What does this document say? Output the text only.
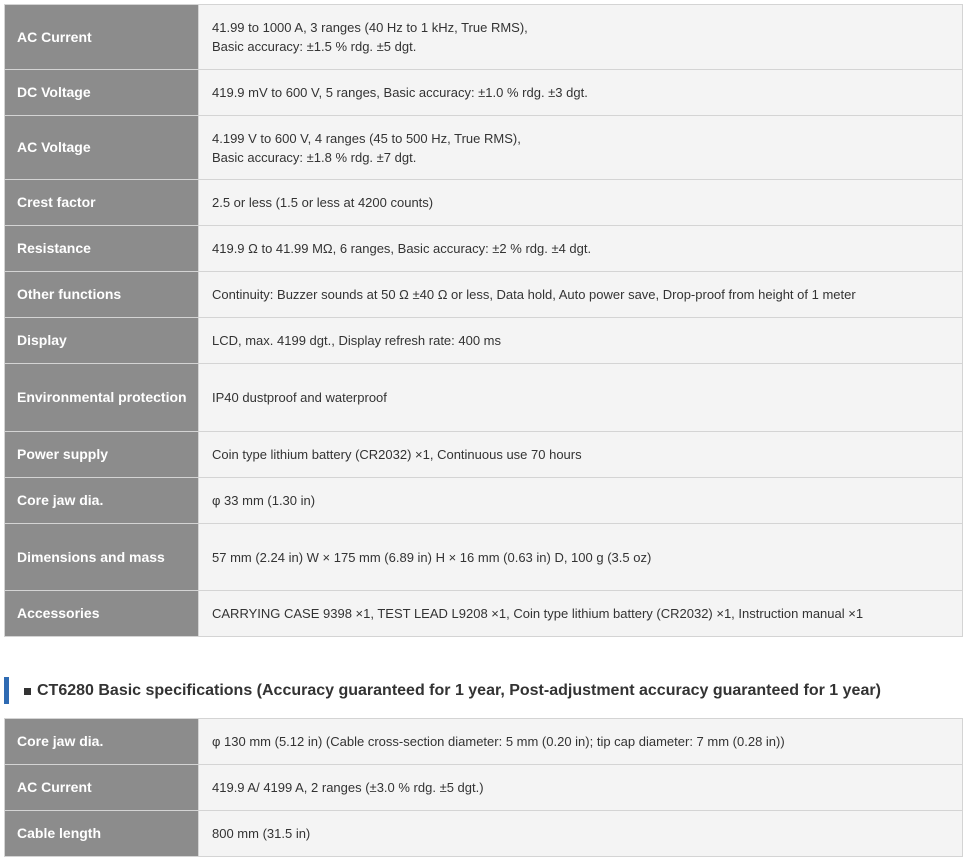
AC Current	41.99 to 1000 A, 3 ranges (40 Hz to 1 kHz, True RMS),
Basic accuracy: ±1.5 % rdg. ±5 dgt.

DC Voltage	419.9 mV to 600 V, 5 ranges, Basic accuracy: ±1.0 % rdg. ±3 dgt.

AC Voltage	4.199 V to 600 V, 4 ranges (45 to 500 Hz, True RMS),
Basic accuracy: ±1.8 % rdg. ±7 dgt.

Crest factor	2.5 or less (1.5 or less at 4200 counts)

Resistance	419.9 Ω to 41.99 MΩ, 6 ranges, Basic accuracy: ±2 % rdg. ±4 dgt.

Other functions	Continuity: Buzzer sounds at 50 Ω ±40 Ω or less, Data hold, Auto power save, Drop-proof from height of 1 meter

Display	LCD, max. 4199 dgt., Display refresh rate: 400 ms

Environmental protection	IP40 dustproof and waterproof

Power supply	Coin type lithium battery (CR2032) ×1, Continuous use 70 hours

Core jaw dia.	φ 33 mm (1.30 in)

Dimensions and mass	57 mm (2.24 in) W × 175 mm (6.89 in) H × 16 mm (0.63 in) D, 100 g (3.5 oz)

Accessories	CARRYING CASE 9398 ×1, TEST LEAD L9208 ×1, Coin type lithium battery (CR2032) ×1, Instruction manual ×1
CT6280 Basic specifications (Accuracy guaranteed for 1 year, Post-adjustment accuracy guaranteed for 1 year)
Core jaw dia.	φ 130 mm (5.12 in) (Cable cross-section diameter: 5 mm (0.20 in); tip cap diameter: 7 mm (0.28 in))

AC Current	419.9 A/ 4199 A, 2 ranges (±3.0 % rdg. ±5 dgt.)

Cable length	800 mm (31.5 in)
